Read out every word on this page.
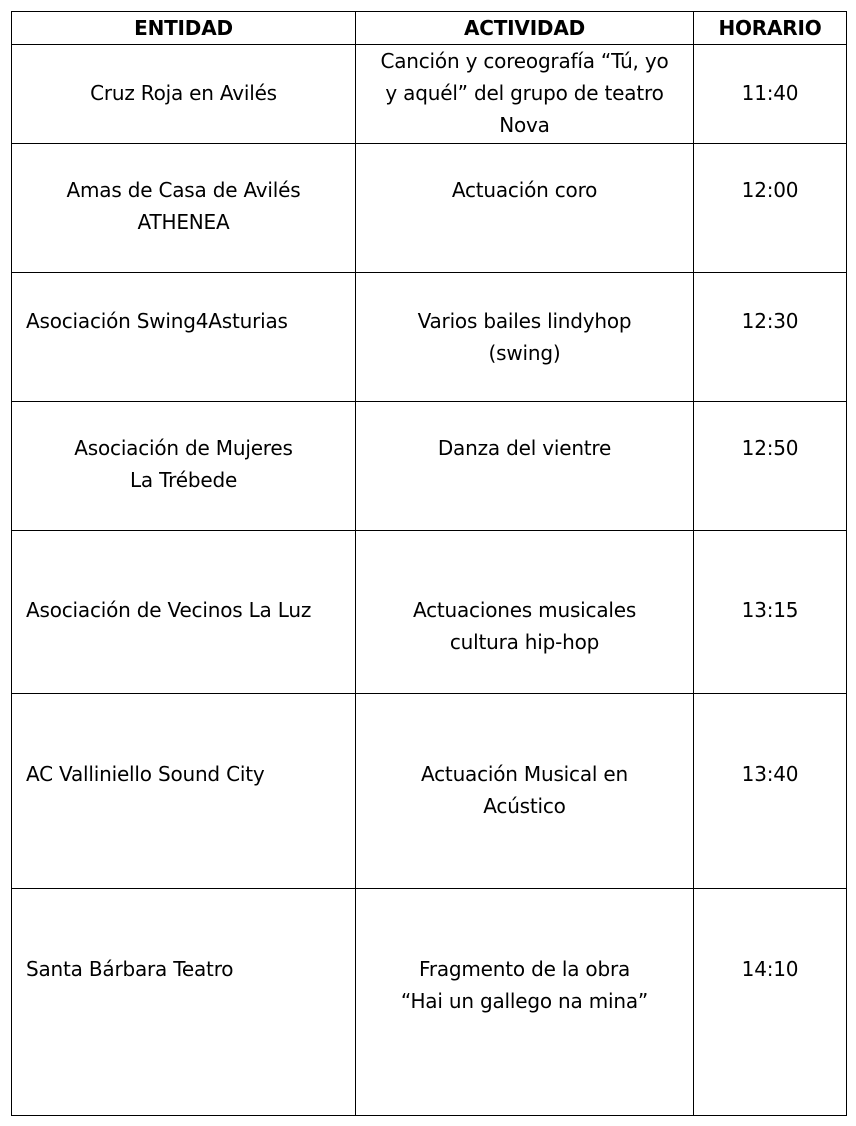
ENTIDAD	ACTIVIDAD	HORARIO

Cruz Roja en Avilés	Canción y coreografía “Tú, yo
y aquél” del grupo de teatro
Nova	11:40

Amas de Casa de Avilés
ATHENEA	Actuación coro	12:00

Asociación Swing4Asturias	Varios bailes lindyhop
(swing)	12:30

Asociación de Mujeres
La Trébede	Danza del vientre	12:50

Asociación de Vecinos La Luz	Actuaciones musicales
cultura hip-hop	13:15

AC Valliniello Sound City	Actuación Musical en
Acústico	13:40

Santa Bárbara Teatro	Fragmento de la obra
“Hai un gallego na mina”	14:10
